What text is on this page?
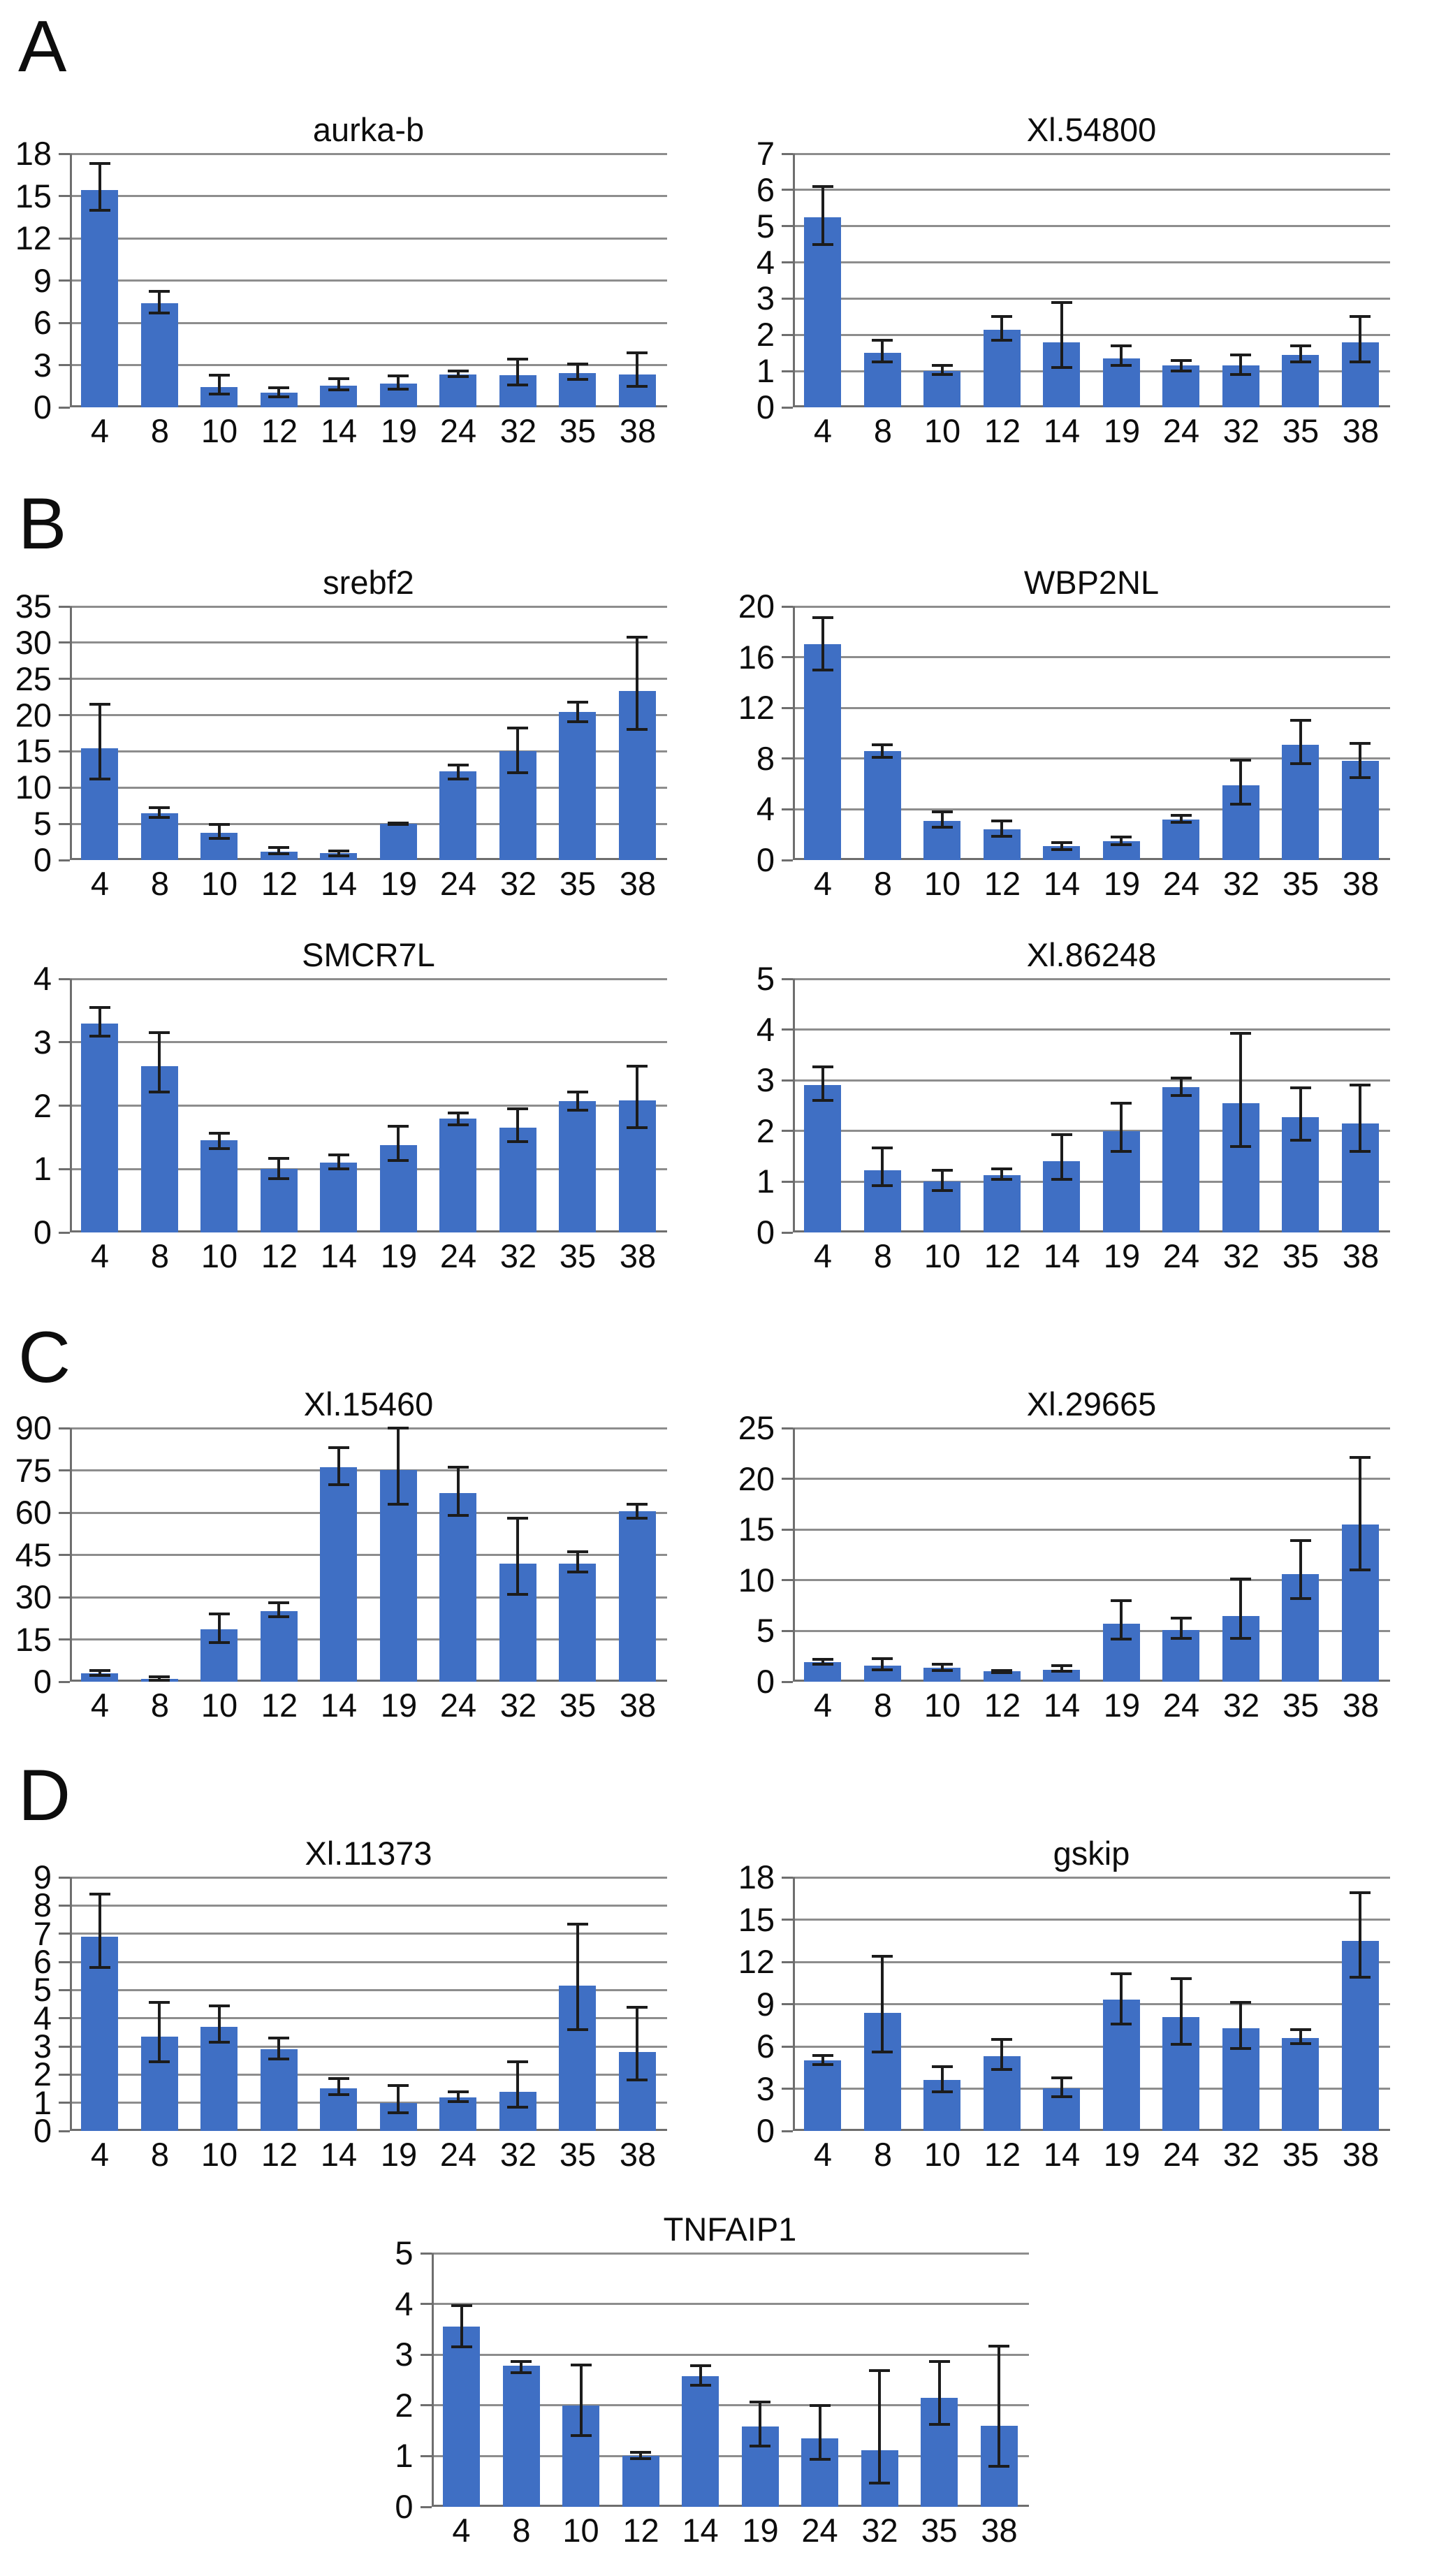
A
aurka-b
0
3
6
9
12
15
18
4	8 10 12 14 19 24 32 35 38
Xl.54800
0
1
2
3
4
5
6
7
4	8 10 12 14 19 24 32 35 38
B
srebf2
0
5
10
15
20
25
30
35
4	8 10 12 14 19 24 32 35 38
WBP2NL
0
4
8
12
16
20
4	8 10 12 14 19 24 32 35 38
SMCR7L
0
1
2
3
4
4	8 10 12 14 19 24 32 35 38
Xl.86248
0
1
2
3
4
5
4	8 10 12 14 19 24 32 35 38
C
Xl.15460
0
15
30
45
60
75
90
4	8 10 12 14 19 24 32 35 38
Xl.29665
0
5
10
15
20
25
4	8 10 12 14 19 24 32 35 38
D
Xl.11373
0
1
2
3
4
5
6
7
8
9
4	8 10 12 14 19 24 32 35 38
gskip
0
3
6
9
12
15
18
4	8 10 12 14 19 24 32 35 38
TNFAIP1
0
1
2
3
4
5
4	8 10 12 14 19 24 32 35 38
